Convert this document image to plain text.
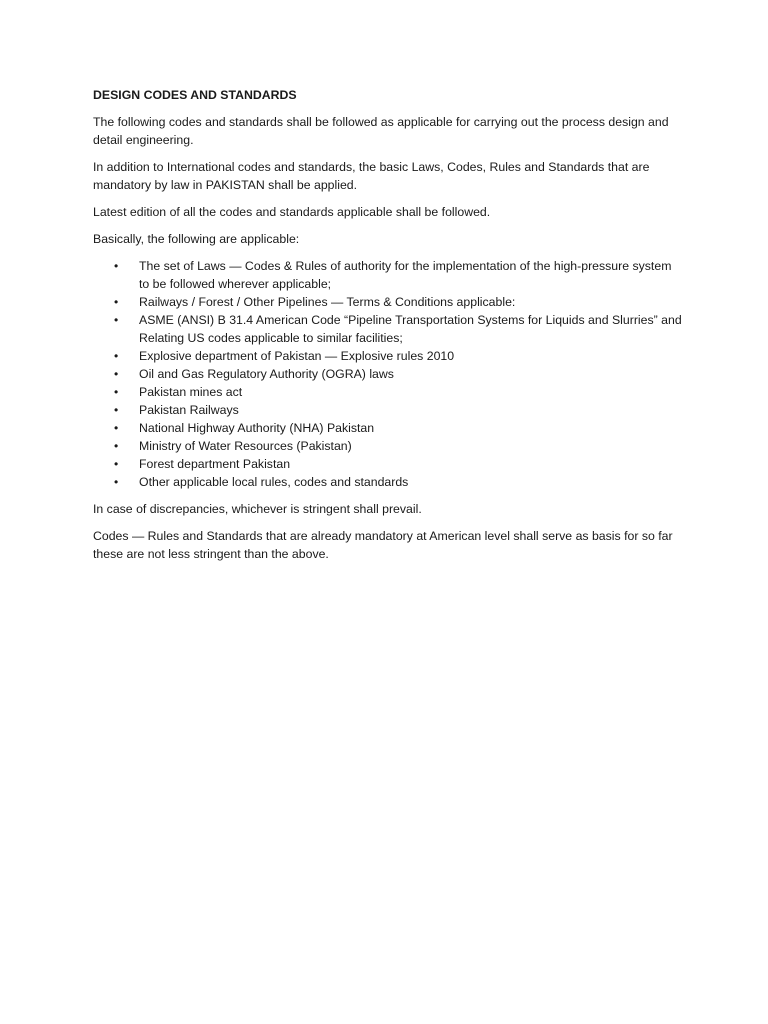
DESIGN CODES AND STANDARDS

The following codes and standards shall be followed as applicable for carrying out the process design and detail engineering.

In addition to International codes and standards, the basic Laws, Codes, Rules and Standards that are mandatory by law in PAKISTAN shall be applied.

Latest edition of all the codes and standards applicable shall be followed.

Basically, the following are applicable:

• The set of Laws — Codes & Rules of authority for the implementation of the high-pressure system to be followed wherever applicable;
• Railways / Forest / Other Pipelines — Terms & Conditions applicable:
• ASME (ANSI) B 31.4 American Code “Pipeline Transportation Systems for Liquids and Slurries” and Relating US codes applicable to similar facilities;
• Explosive department of Pakistan — Explosive rules 2010
• Oil and Gas Regulatory Authority (OGRA) laws
• Pakistan mines act
• Pakistan Railways
• National Highway Authority (NHA) Pakistan
• Ministry of Water Resources (Pakistan)
• Forest department Pakistan
• Other applicable local rules, codes and standards

In case of discrepancies, whichever is stringent shall prevail.

Codes — Rules and Standards that are already mandatory at American level shall serve as basis for so far these are not less stringent than the above.
